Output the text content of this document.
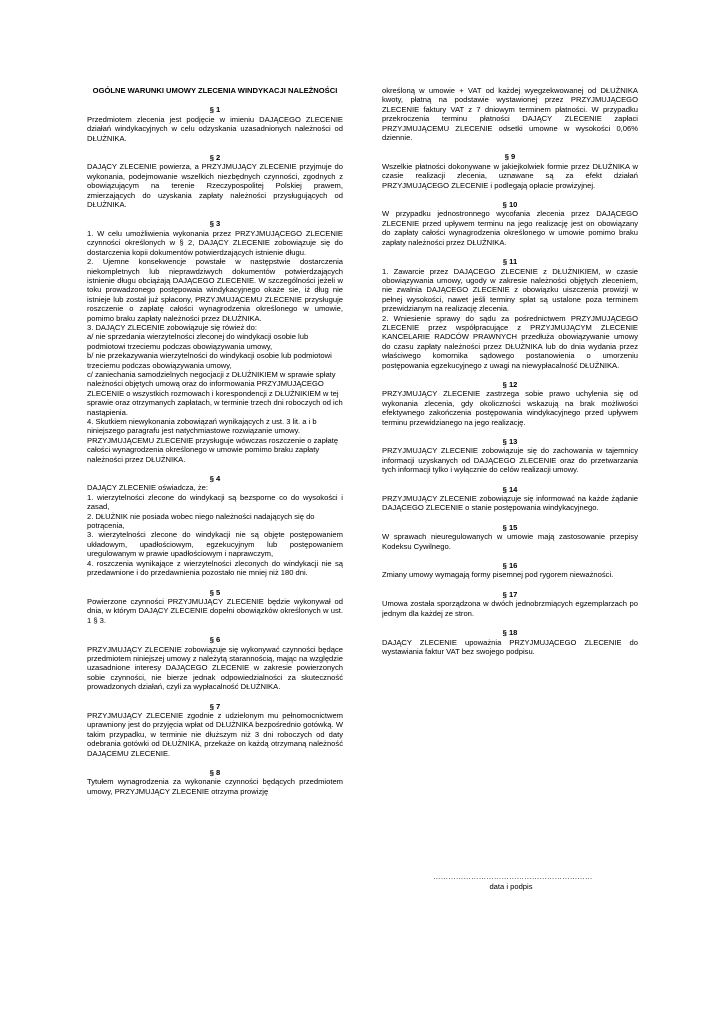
OGÓLNE WARUNKI UMOWY ZLECENIA WINDYKACJI NALEŻNOŚCI
§ 1

Przedmiotem zlecenia jest podjęcie w imieniu DAJĄCEGO ZLECENIE działań windykacyjnych w celu odzyskania uzasadnionych należności od DŁUŻNIKA.

§ 2

DAJĄCY ZLECENIE powierza, a PRZYJMUJĄCY ZLECENIE przyjmuje do wykonania, podejmowanie wszelkich niezbędnych czynności, zgodnych z obowiązującym na terenie Rzeczypospolitej Polskiej prawem, zmierzających do uzyskania zapłaty należności przysługujących od DŁUŻNIKA.

§ 3

1. W celu umożliwienia wykonania przez PRZYJMUJĄCEGO ZLECENIE czynności określonych w § 2, DAJĄCY ZLECENIE zobowiązuje się do dostarczenia kopii dokumentów potwierdzających istnienie długu.

2. Ujemne konsekwencje powstałe w następstwie dostarczenia niekompletnych lub nieprawdziwych dokumentów potwierdzających istnienie długu obciążają DAJĄCEGO ZLECENIE. W szczególności jeżeli w toku prowadzonego postępowaia windykacyjnego okaże sie, iż dług nie istnieje lub został już spłacony, PRZYJMUJĄCEMU ZLECENIE przysługuje roszczenie o zapłatę całości wynagrodzenia określonego w umowie, pomimo braku zapłaty należności przez DŁUŻNIKA.

3. DAJĄCY ZLECENIE zobowiązuje się rówież do:

a/ nie sprzedania wierzytelności zleconej do windykacji osobie lub podmiotowi trzeciemu podczas obowiązywania umowy,

b/ nie przekazywania wierzytelności do windykacji osobie lub podmiotowi trzeciemu podczas obowiązywania umowy,

c/ zaniechania samodzielnych negocjacji z DŁUŻNIKIEM w sprawie spłaty należności objętych umową oraz do informowania PRZYJMUJĄCEGO ZLECENIE o wszystkich rozmowach i korespondencji z DŁUŻNIKIEM w tej sprawie oraz otrzymanych zapłatach, w terminie trzech dni roboczych od ich nastąpienia.

4. Skutkiem niewykonania zobowiązań wynikających z ust. 3 lit. a i b niniejszego paragrafu jest natychmiastowe rozwiązanie umowy. PRZYJMUJĄCEMU ZLECENIE przysługuje wówczas roszczenie o zapłatę całości wynagrodzenia określonego w umowie pomimo braku zapłaty należności przez DŁUŻNIKA.

§ 4

DAJĄCY ZLECENIE oświadcza, że:

1. wierzytelności zlecone do windykacji są bezsporne co do wysokości i zasad,

2. DŁUŻNIK nie posiada wobec niego należności nadających się do potrącenia,

3. wierzytelności zlecone do windykacji nie są objęte postępowaniem układowym, upadłościowym, egzekucyjnym lub postępowaniem uregulowanym w prawie upadłościowym i naprawczym,

4. roszczenia wynikające z wierzytelności zleconych do windykacji nie są przedawnione i do przedawnienia pozostało nie mniej niż 180 dni.

§ 5

Powierzone czynności PRZYJMUJĄCY ZLECENIE będzie wykonywał od dnia, w którym DAJĄCY ZLECENIE dopełni obowiązków określonych w ust. 1 § 3.

§ 6

PRZYJMUJĄCY ZLECENIE zobowiązuje się wykonywać czynności będące przedmiotem niniejszej umowy z należytą starannością, mając na względzie uzasadnione interesy DAJĄCEGO ZLECENIE w zakresie powierzonych sobie czynności, nie bierze jednak odpowiedzialności za skuteczność prowadzonych działań, czyli za wypłacalność DŁUŻNIKA.

§ 7

PRZYJMUJĄCY ZLECENIE zgodnie z udzielonym mu pełnomocnictwem uprawniony jest do przyjęcia wpłat od DŁUŻNIKA bezpośrednio gotówką. W takim przypadku, w terminie nie dłuższym niż 3 dni roboczych od daty odebrania gotówki od DŁUŻNIKA, przekaże on każdą otrzymaną należność DAJĄCEMU ZLECENIE.

§ 8

Tytułem wynagrodzenia za wykonanie czynności będących przedmiotem umowy, PRZYJMUJĄCY ZLECENIE otrzyma prowizję

określoną w umowie + VAT od każdej wyegzekwowanej od DŁUŻNIKA kwoty, płatną na podstawie wystawionej przez PRZYJMUJĄCEGO ZLECENIE faktury VAT z 7 dniowym terminem płatności. W przypadku przekroczenia terminu płatności DAJĄCY ZLECENIE zapłaci PRZYJMUJĄCEMU ZLECENIE odsetki umowne w wysokości 0,06% dziennie.

§ 9

Wszelkie płatności dokonywane w jakiejkolwiek formie przez DŁUŻNIKA w czasie realizacji zlecenia, uznawane są za efekt działań PRZYJMUJĄCEGO ZLECENIE i podlegają opłacie prowizyjnej.

§ 10

W przypadku jednostronnego wycofania zlecenia przez DAJĄCEGO ZLECENIE przed upływem terminu na jego realizację jest on obowiązany do zapłaty całości wynagrodzenia określonego w umowie pomimo braku zapłaty należności przez DŁUŻNIKA.

§ 11

1. Zawarcie przez DAJĄCEGO ZLECENIE z DŁUŻNIKIEM, w czasie obowiązywania umowy, ugody w zakresie należności objętych zleceniem, nie zwalnia DAJĄCEGO ZLECENIE z obowiązku uiszczenia prowizji w pełnej wysokości, nawet jeśli terminy spłat są ustalone poza terminem przewidzianym na realizację zlecenia.

2. Wniesienie sprawy do sądu za pośrednictwem PRZYJMUJĄCEGO ZLECENIE przez współpracujące z PRZYJMUJĄCYM ZLECENIE KANCELARIE RADCÓW PRAWNYCH przedłuża obowiązywanie umowy do czasu zapłaty należności przez DŁUŻNIKA lub do dnia wydania przez właściwego komornika sądowego postanowienia o umorzeniu postępowania egzekucyjnego z uwagi na niewypłacalność DŁUŻNIKA.

§ 12

PRZYJMUJĄCY ZLECENIE zastrzega sobie prawo uchylenia się od wykonania zlecenia, gdy okoliczności wskazują na brak możliwości efektywnego zakończenia postępowania windykacyjnego przed upływem terminu przewidzianego na jego realizację.

§ 13

PRZYJMUJĄCY ZLECENIE zobowiązuje się do zachowania w tajemnicy informacji uzyskanych od DAJĄCEGO ZLECENIE oraz do przetwarzania tych informacji tylko i wyłącznie do celów realizacji umowy.

§ 14

PRZYJMUJĄCY ZLECENIE zobowiązuje się informować na każde żądanie DAJĄCEGO ZLECENIE o stanie postępowania windykacyjnego.

§ 15

W sprawach nieuregulowanych w umowie mają zastosowanie przepisy Kodeksu Cywilnego.

§ 16

Zmiany umowy wymagają formy pisemnej pod rygorem nieważności.

§ 17

Umowa została sporządzona w dwóch jednobrzmiących egzemplarzach po jednym dla każdej ze stron.

§ 18

DAJĄCY ZLECENIE upoważnia PRZYJMUJĄCEGO ZLECENIE do wystawiania faktur VAT bez swojego podpisu.

………………………………………………………
data i podpis
